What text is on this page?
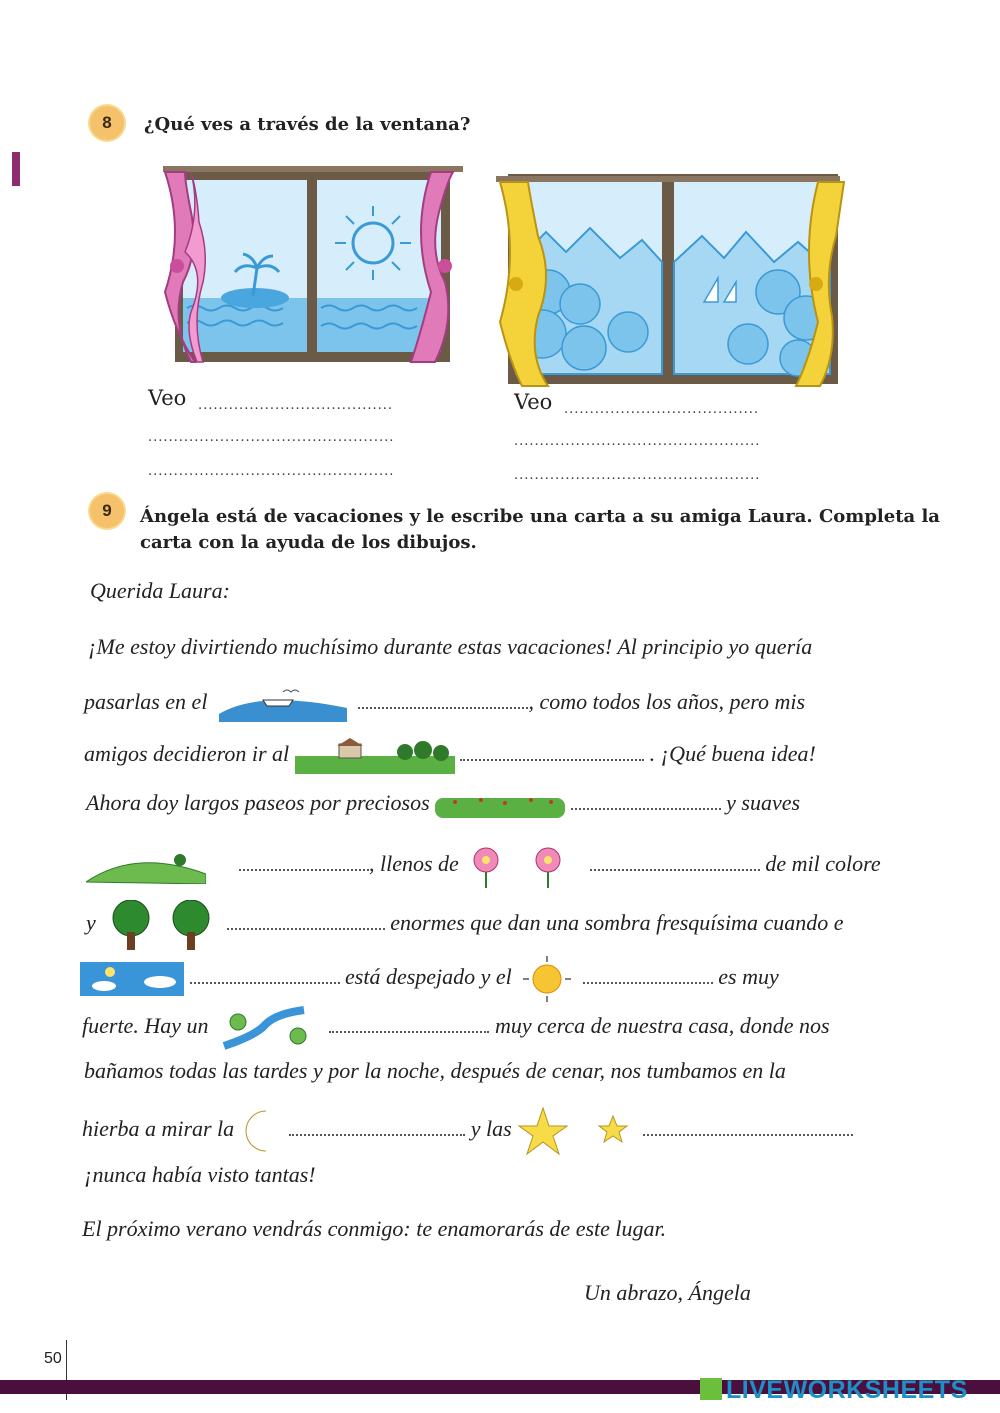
8 ¿Qué ves a través de la ventana?
Veo ......................................
................................................
................................................
Veo ......................................
................................................
................................................
9 Ángela está de vacaciones y le escribe una carta a su amiga Laura. Completa la
carta con la ayuda de los dibujos.
Querida Laura:
¡Me estoy divirtiendo muchísimo durante estas vacaciones! Al principio yo quería
pasarlas en el	, como todos los años, pero mis
amigos decidieron ir al	. ¡Qué buena idea!
Ahora doy largos paseos por preciosos	y suaves
, llenos de	de mil colore
y	enormes que dan una sombra fresquísima cuando e
está despejado y el	es muy
fuerte. Hay un	muy cerca de nuestra casa, donde nos
bañamos todas las tardes y por la noche, después de cenar, nos tumbamos en la
hierba a mirar la	y las

¡nunca había visto tantas!
El próximo verano vendrás conmigo: te enamorarás de este lugar.
Un abrazo, Ángela
50
LIVEWORKSHEETS
